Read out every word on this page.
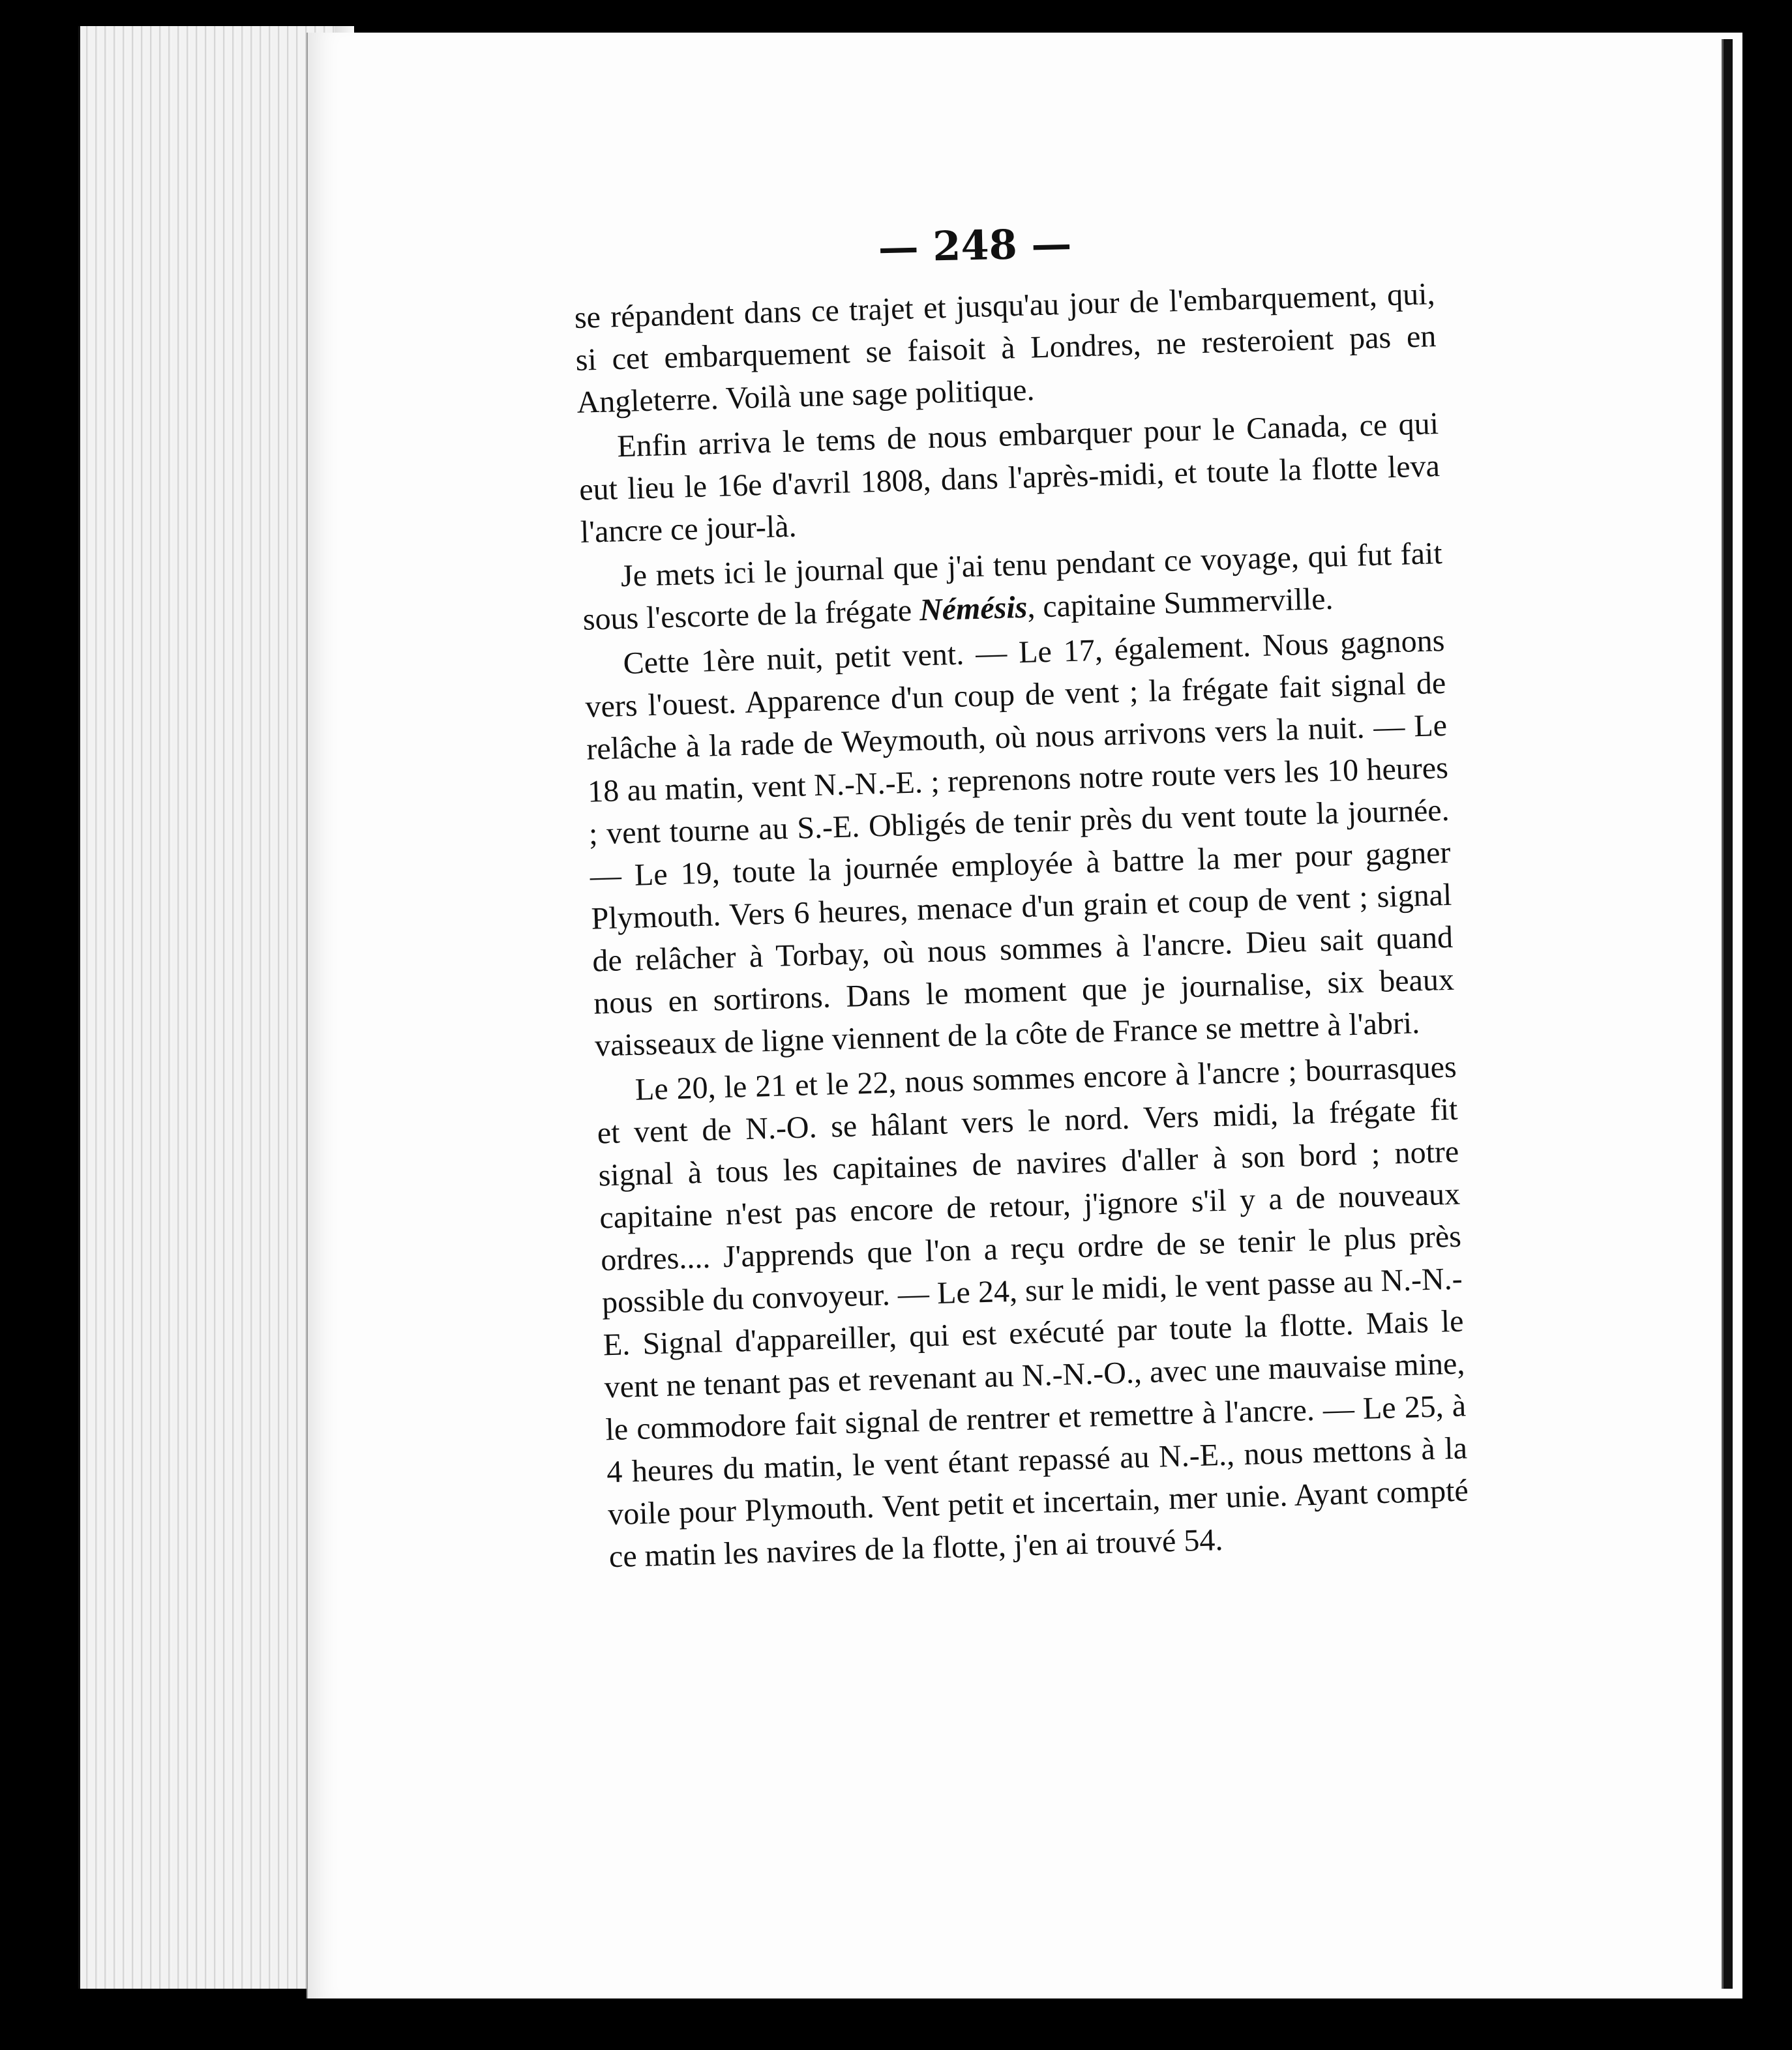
— 248 —

se répandent dans ce trajet et jusqu'au jour de l'embarquement, qui, si cet embarquement se faisoit à Londres, ne resteroient pas en Angleterre. Voilà une sage politique.

Enfin arriva le tems de nous embarquer pour le Canada, ce qui eut lieu le 16e d'avril 1808, dans l'après-midi, et toute la flotte leva l'ancre ce jour-là.

Je mets ici le journal que j'ai tenu pendant ce voyage, qui fut fait sous l'escorte de la frégate Némésis, capitaine Summerville.

Cette 1ère nuit, petit vent. — Le 17, également. Nous gagnons vers l'ouest. Apparence d'un coup de vent ; la frégate fait signal de relâche à la rade de Weymouth, où nous arrivons vers la nuit. — Le 18 au matin, vent N.-N.-E. ; reprenons notre route vers les 10 heures ; vent tourne au S.-E. Obligés de tenir près du vent toute la journée. — Le 19, toute la journée employée à battre la mer pour gagner Plymouth. Vers 6 heures, menace d'un grain et coup de vent ; signal de relâcher à Torbay, où nous sommes à l'ancre. Dieu sait quand nous en sortirons. Dans le moment que je journalise, six beaux vaisseaux de ligne viennent de la côte de France se mettre à l'abri.

Le 20, le 21 et le 22, nous sommes encore à l'ancre ; bourrasques et vent de N.-O. se hâlant vers le nord. Vers midi, la frégate fit signal à tous les capitaines de navires d'aller à son bord ; notre capitaine n'est pas encore de retour, j'ignore s'il y a de nouveaux ordres.... J'apprends que l'on a reçu ordre de se tenir le plus près possible du convoyeur. — Le 24, sur le midi, le vent passe au N.-N.-E. Signal d'appareiller, qui est exécuté par toute la flotte. Mais le vent ne tenant pas et revenant au N.-N.-O., avec une mauvaise mine, le commodore fait signal de rentrer et remettre à l'ancre. — Le 25, à 4 heures du matin, le vent étant repassé au N.-E., nous mettons à la voile pour Plymouth. Vent petit et incertain, mer unie. Ayant compté ce matin les navires de la flotte, j'en ai trouvé 54.
